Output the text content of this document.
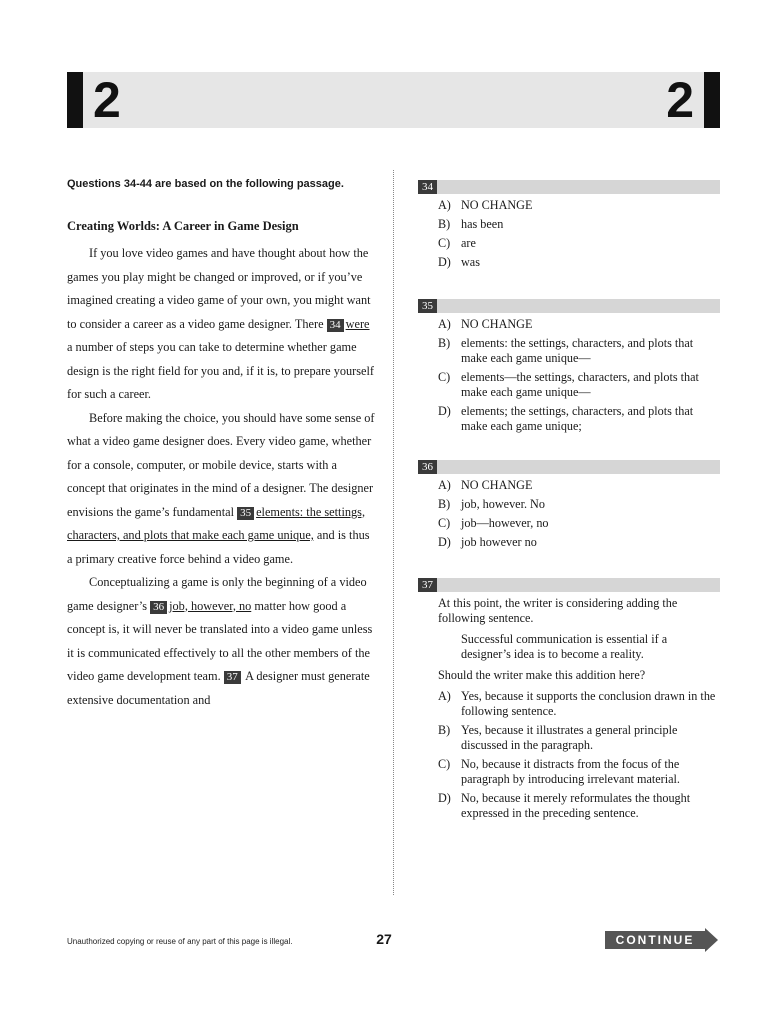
2	2

Questions 34-44 are based on the following passage.

Creating Worlds: A Career in Game Design

If you love video games and have thought about how the games you play might be changed or improved, or if you’ve imagined creating a video game of your own, you might want to consider a career as a video game designer. There 34 were a number of steps you can take to determine whether game design is the right field for you and, if it is, to prepare yourself for such a career.

Before making the choice, you should have some sense of what a video game designer does. Every video game, whether for a console, computer, or mobile device, starts with a concept that originates in the mind of a designer. The designer envisions the game’s fundamental 35 elements: the settings, characters, and plots that make each game unique, and is thus a primary creative force behind a video game.

Conceptualizing a game is only the beginning of a video game designer’s 36 job, however, no matter how good a concept is, it will never be translated into a video game unless it is communicated effectively to all the other members of the video game development team. 37 A designer must generate extensive documentation and

34
A) NO CHANGE
B) has been
C) are
D) was
35
A) NO CHANGE
B) elements: the settings, characters, and plots that make each game unique—
C) elements—the settings, characters, and plots that make each game unique—
D) elements; the settings, characters, and plots that make each game unique;
36
A) NO CHANGE
B) job, however. No
C) job—however, no
D) job however no
37
At this point, the writer is considering adding the following sentence.
Successful communication is essential if a designer’s idea is to become a reality.
Should the writer make this addition here?
A) Yes, because it supports the conclusion drawn in the following sentence.
B) Yes, because it illustrates a general principle discussed in the paragraph.
C) No, because it distracts from the focus of the paragraph by introducing irrelevant material.
D) No, because it merely reformulates the thought expressed in the preceding sentence.
Unauthorized copying or reuse of any part of this page is illegal.	27	CONTINUE
